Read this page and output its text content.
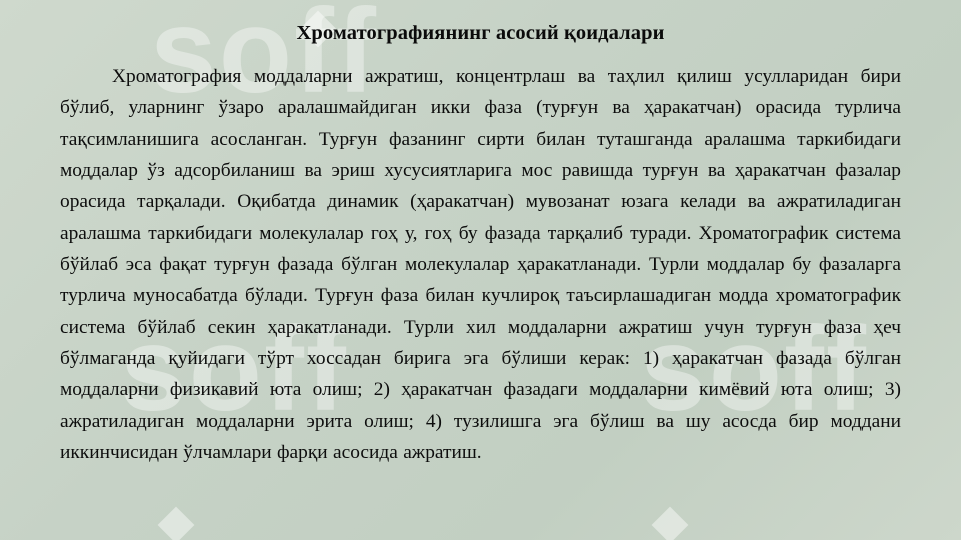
soff
soff soff
Хроматографиянинг асосий қоидалари
Хроматография моддаларни ажратиш, концентрлаш ва таҳлил қилиш усулларидан бири бўлиб, уларнинг ўзаро аралашмайдиган икки фаза (турғун ва ҳаракатчан) орасида турлича тақсимланишига асосланган. Турғун фазанинг сирти билан туташганда аралашма таркибидаги моддалар ўз адсорбиланиш ва эриш хусусиятларига мос равишда турғун ва ҳаракатчан фазалар орасида тарқалади. Оқибатда динамик (ҳаракатчан) мувозанат юзага келади ва ажратиладиган аралашма таркибидаги молекулалар гоҳ у, гоҳ бу фазада тарқалиб туради. Хроматографик система бўйлаб эса фақат турғун фазада бўлган молекулалар ҳаракатланади. Турли моддалар бу фазаларга турлича муносабатда бўлади. Турғун фаза билан кучлироқ таъсирлашадиган модда хроматографик система бўйлаб секин ҳаракатланади. Турли хил моддаларни ажратиш учун турғун фаза ҳеч бўлмаганда қуйидаги тўрт хоссадан бирига эга бўлиши керак: 1) ҳаракатчан фазада бўлган моддаларни физикавий юта олиш; 2) ҳаракатчан фазадаги моддаларни кимёвий юта олиш; 3) ажратиладиган моддаларни эрита олиш; 4) тузилишга эга бўлиш ва шу асосда бир моддани иккинчисидан ўлчамлари фарқи асосида ажратиш.
